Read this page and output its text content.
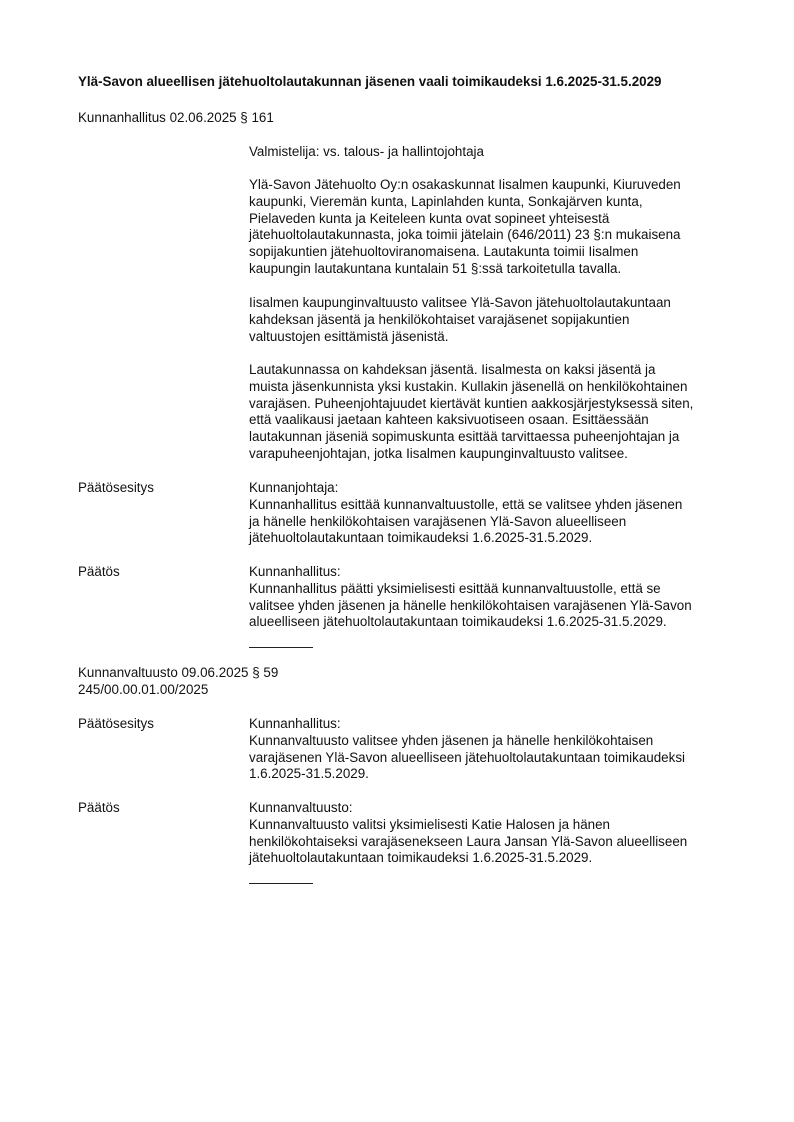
Ylä-Savon alueellisen jätehuoltolautakunnan jäsenen vaali toimikaudeksi 1.6.2025-31.5.2029
Kunnanhallitus 02.06.2025 § 161

Valmistelija: vs. talous- ja hallintojohtaja

Ylä-Savon Jätehuolto Oy:n osakaskunnat Iisalmen kaupunki, Kiuruveden

kaupunki, Vieremän kunta, Lapinlahden kunta, Sonkajärven kunta,

Pielaveden kunta ja Keiteleen kunta ovat sopineet yhteisestä

jätehuoltolautakunnasta, joka toimii jätelain (646/2011) 23 §:n mukaisena

sopijakuntien jätehuoltoviranomaisena. Lautakunta toimii Iisalmen

kaupungin lautakuntana kuntalain 51 §:ssä tarkoitetulla tavalla.

Iisalmen kaupunginvaltuusto valitsee Ylä-Savon jätehuoltolautakuntaan

kahdeksan jäsentä ja henkilökohtaiset varajäsenet sopijakuntien

valtuustojen esittämistä jäsenistä.

Lautakunnassa on kahdeksan jäsentä. Iisalmesta on kaksi jäsentä ja

muista jäsenkunnista yksi kustakin. Kullakin jäsenellä on henkilökohtainen

varajäsen. Puheenjohtajuudet kiertävät kuntien aakkosjärjestyksessä siten,

että vaalikausi jaetaan kahteen kaksivuotiseen osaan. Esittäessään

lautakunnan jäseniä sopimuskunta esittää tarvittaessa puheenjohtajan ja

varapuheenjohtajan, jotka Iisalmen kaupunginvaltuusto valitsee.

Päätösesitys	Kunnanjohtaja:

Kunnanhallitus esittää kunnanvaltuustolle, että se valitsee yhden jäsenen

ja hänelle henkilökohtaisen varajäsenen Ylä-Savon alueelliseen

jätehuoltolautakuntaan toimikaudeksi 1.6.2025-31.5.2029.

Päätös	Kunnanhallitus:

Kunnanhallitus päätti yksimielisesti esittää kunnanvaltuustolle, että se

valitsee yhden jäsenen ja hänelle henkilökohtaisen varajäsenen Ylä-Savon

alueelliseen jätehuoltolautakuntaan toimikaudeksi 1.6.2025-31.5.2029.

Kunnanvaltuusto 09.06.2025 § 59
245/00.00.01.00/2025
Päätösesitys	Kunnanhallitus:

Kunnanvaltuusto valitsee yhden jäsenen ja hänelle henkilökohtaisen

varajäsenen Ylä-Savon alueelliseen jätehuoltolautakuntaan toimikaudeksi

1.6.2025-31.5.2029.

Päätös	Kunnanvaltuusto:

Kunnanvaltuusto valitsi yksimielisesti Katie Halosen ja hänen

henkilökohtaiseksi varajäsenekseen Laura Jansan Ylä-Savon alueelliseen

jätehuoltolautakuntaan toimikaudeksi 1.6.2025-31.5.2029.
